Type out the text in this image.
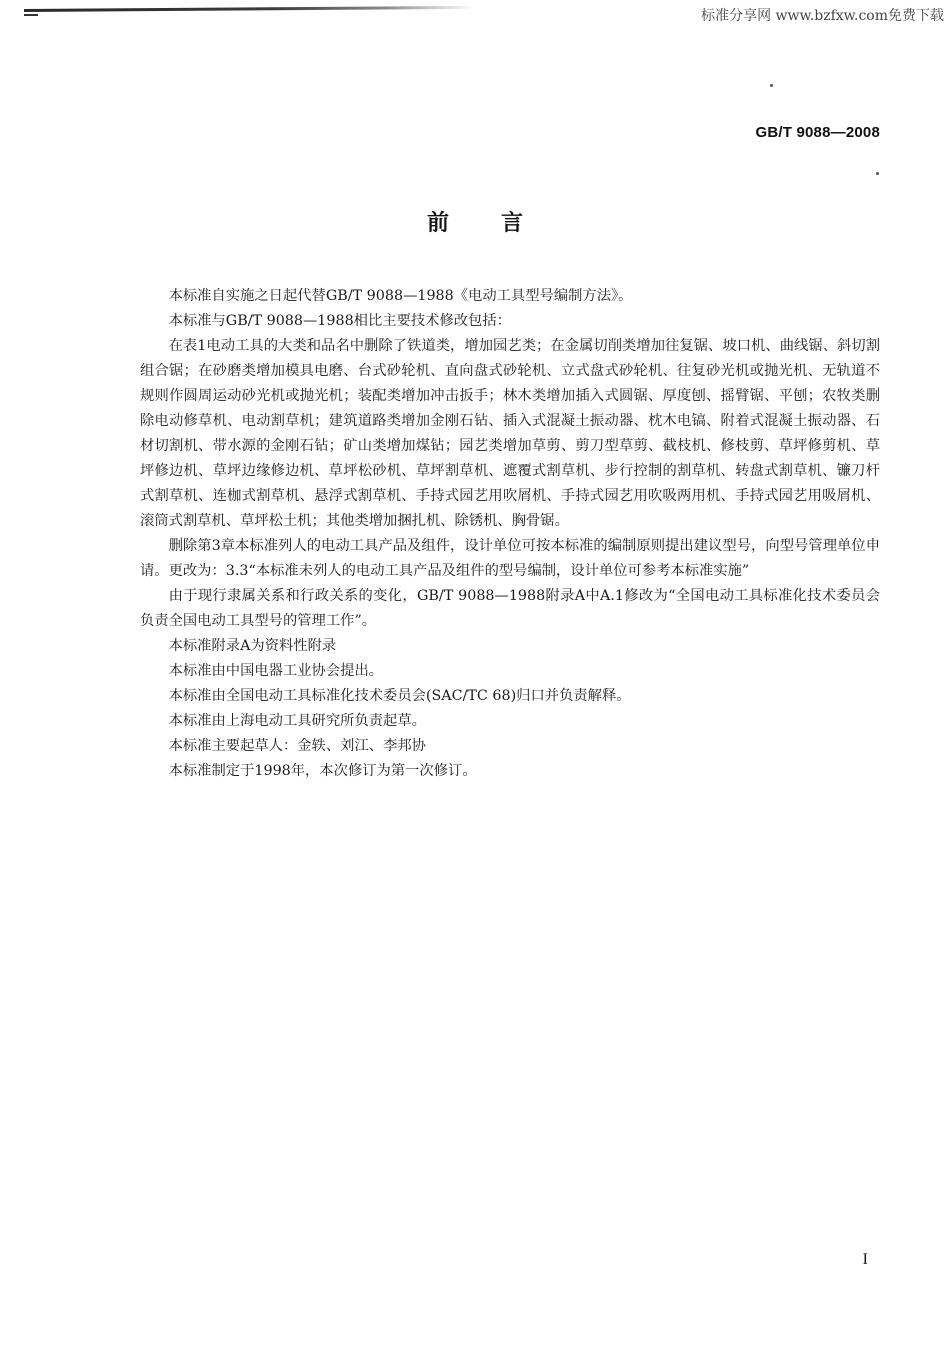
标准分享网 www.bzfxw.com免费下载
GB/T 9088—2008
前言

本标准自实施之日起代替GB/T 9088—1988《电动工具型号编制方法》。

本标准与GB/T 9088—1988相比主要技术修改包括：

在表1电动工具的大类和品名中删除了铁道类，增加园艺类；在金属切削类增加往复锯、坡口机、曲线锯、斜切割组合锯；在砂磨类增加模具电磨、台式砂轮机、直向盘式砂轮机、立式盘式砂轮机、往复砂光机或抛光机、无轨道不规则作圆周运动砂光机或抛光机；装配类增加冲击扳手；林木类增加插入式圆锯、厚度刨、摇臂锯、平刨；农牧类删除电动修草机、电动割草机；建筑道路类增加金刚石钻、插入式混凝土振动器、枕木电镐、附着式混凝土振动器、石材切割机、带水源的金刚石钻；矿山类增加煤钻；园艺类增加草剪、剪刀型草剪、截枝机、修枝剪、草坪修剪机、草坪修边机、草坪边缘修边机、草坪松砂机、草坪割草机、遮覆式割草机、步行控制的割草机、转盘式割草机、镰刀杆式割草机、连枷式割草机、悬浮式割草机、手持式园艺用吹屑机、手持式园艺用吹吸两用机、手持式园艺用吸屑机、滚筒式割草机、草坪松土机；其他类增加捆扎机、除锈机、胸骨锯。

删除第3章本标准列人的电动工具产品及组件，设计单位可按本标准的编制原则提出建议型号，向型号管理单位申请。更改为：3.3“本标准未列人的电动工具产品及组件的型号编制，设计单位可参考本标准实施”

由于现行隶属关系和行政关系的变化，GB/T 9088—1988附录A中A.1修改为“全国电动工具标准化技术委员会负责全国电动工具型号的管理工作”。

本标准附录A为资料性附录

本标准由中国电器工业协会提出。

本标准由全国电动工具标准化技术委员会(SAC/TC 68)归口并负责解释。

本标准由上海电动工具研究所负责起草。

本标准主要起草人：金轶、刘江、李邦协

本标准制定于1998年，本次修订为第一次修订。

I
